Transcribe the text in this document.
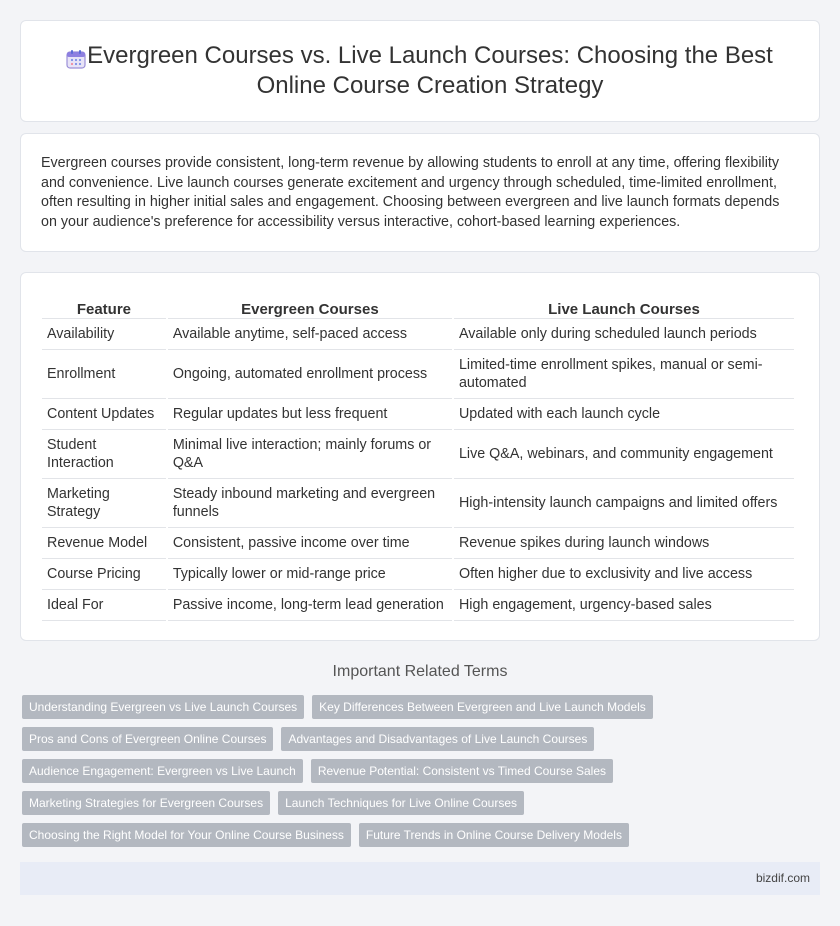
Evergreen Courses vs. Live Launch Courses: Choosing the Best Online Course Creation Strategy

Evergreen courses provide consistent, long-term revenue by allowing students to enroll at any time, offering flexibility and convenience. Live launch courses generate excitement and urgency through scheduled, time-limited enrollment, often resulting in higher initial sales and engagement. Choosing between evergreen and live launch formats depends on your audience's preference for accessibility versus interactive, cohort-based learning experiences.

Feature	Evergreen Courses	Live Launch Courses
Availability	Available anytime, self-paced access	Available only during scheduled launch periods
Enrollment	Ongoing, automated enrollment process	Limited-time enrollment spikes, manual or semi-automated
Content Updates	Regular updates but less frequent	Updated with each launch cycle
Student Interaction	Minimal live interaction; mainly forums or Q&A	Live Q&A, webinars, and community engagement
Marketing Strategy	Steady inbound marketing and evergreen funnels	High-intensity launch campaigns and limited offers
Revenue Model	Consistent, passive income over time	Revenue spikes during launch windows
Course Pricing	Typically lower or mid-range price	Often higher due to exclusivity and live access
Ideal For	Passive income, long-term lead generation	High engagement, urgency-based sales
Important Related Terms
Understanding Evergreen vs Live Launch Courses	Key Differences Between Evergreen and Live Launch Models
Pros and Cons of Evergreen Online Courses	Advantages and Disadvantages of Live Launch Courses
Audience Engagement: Evergreen vs Live Launch	Revenue Potential: Consistent vs Timed Course Sales
Marketing Strategies for Evergreen Courses	Launch Techniques for Live Online Courses
Choosing the Right Model for Your Online Course Business	Future Trends in Online Course Delivery Models
bizdif.com
